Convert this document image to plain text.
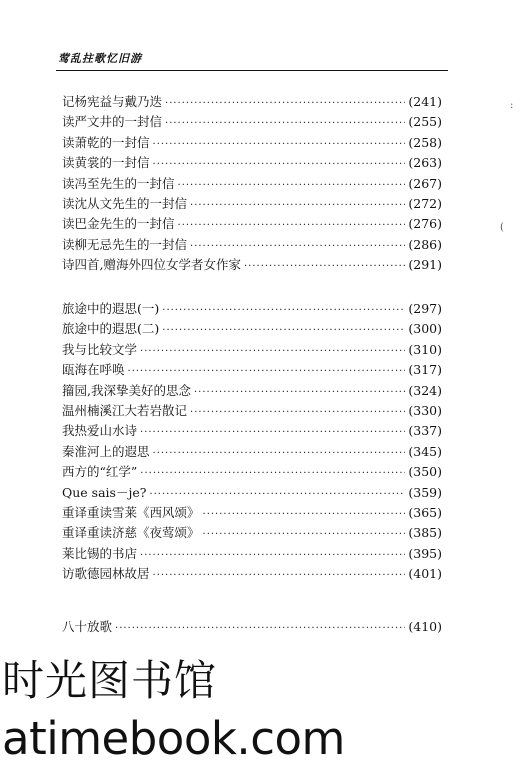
莺乱拄歌忆旧游
记杨宪益与戴乃迭 ·····	(241)
读严文井的一封信 ·····	(255)
读萧乾的一封信 ·····	(258)
读黄裳的一封信 ·····	(263)
读冯至先生的一封信 ·····	(267)
读沈从文先生的一封信 ·····	(272)
读巴金先生的一封信 ·····	(276)
读柳无忌先生的一封信 ·····	(286)
诗四首,赠海外四位女学者女作家 ·····	(291)
旅途中的遐思(一) ·····	(297)
旅途中的遐思(二) ·····	(300)
我与比较文学 ·····	(310)
瓯海在呼唤 ·····	(317)
籀园,我深挚美好的思念 ·····	(324)
温州楠溪江大若岩散记 ·····	(330)
我热爱山水诗 ·····	(337)
秦淮河上的遐思 ·····	(345)
西方的“红学” ·····	(350)
Que sais－je? ·····	(359)
重译重读雪莱《西风颂》 ·····	(365)
重译重读济慈《夜莺颂》 ·····	(385)
莱比锡的书店 ·····	(395)
访歌德园林故居 ·····	(401)
八十放歌 ·····	(410)
:
(
时光图书馆
atimebook.com
